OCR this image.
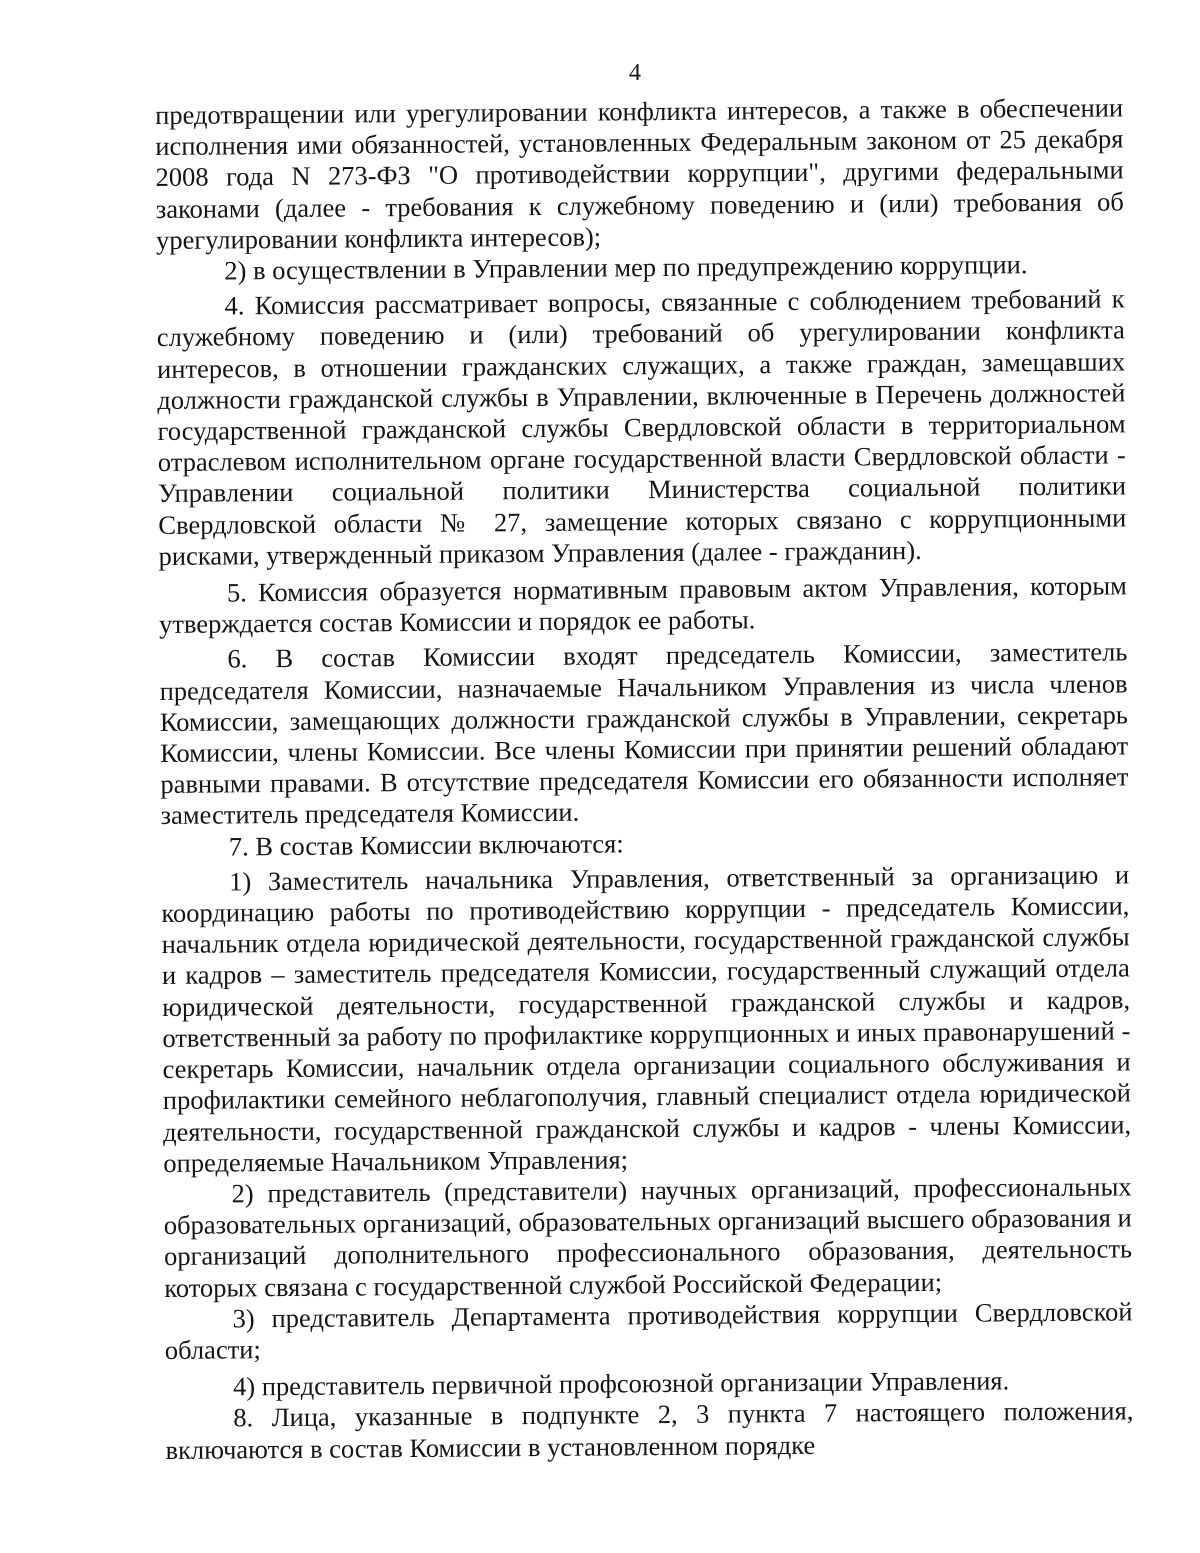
4

предотвращении или урегулировании конфликта интересов, а также в обеспечении исполнения ими обязанностей, установленных Федеральным законом от 25 декабря 2008 года N 273-ФЗ "О противодействии коррупции", другими федеральными законами (далее - требования к служебному поведению и (или) требования об урегулировании конфликта интересов);

2) в осуществлении в Управлении мер по предупреждению коррупции.

4. Комиссия рассматривает вопросы, связанные с соблюдением требований к служебному поведению и (или) требований об урегулировании конфликта интересов, в отношении гражданских служащих, а также граждан, замещавших должности гражданской службы в Управлении, включенные в Перечень должностей государственной гражданской службы Свердловской области в территориальном отраслевом исполнительном органе государственной власти Свердловской области - Управлении социальной политики Министерства социальной политики Свердловской области № 27, замещение которых связано с коррупционными рисками, утвержденный приказом Управления (далее - гражданин).

5. Комиссия образуется нормативным правовым актом Управления, которым утверждается состав Комиссии и порядок ее работы.

6. В состав Комиссии входят председатель Комиссии, заместитель председателя Комиссии, назначаемые Начальником Управления из числа членов Комиссии, замещающих должности гражданской службы в Управлении, секретарь Комиссии, члены Комиссии. Все члены Комиссии при принятии решений обладают равными правами. В отсутствие председателя Комиссии его обязанности исполняет заместитель председателя Комиссии.

7. В состав Комиссии включаются:

1) Заместитель начальника Управления, ответственный за организацию и координацию работы по противодействию коррупции - председатель Комиссии, начальник отдела юридической деятельности, государственной гражданской службы и кадров – заместитель председателя Комиссии, государственный служащий отдела юридической деятельности, государственной гражданской службы и кадров, ответственный за работу по профилактике коррупционных и иных правонарушений - секретарь Комиссии, начальник отдела организации социального обслуживания и профилактики семейного неблагополучия, главный специалист отдела юридической деятельности, государственной гражданской службы и кадров - члены Комиссии, определяемые Начальником Управления;

2) представитель (представители) научных организаций, профессиональных образовательных организаций, образовательных организаций высшего образования и организаций дополнительного профессионального образования, деятельность которых связана с государственной службой Российской Федерации;

3) представитель Департамента противодействия коррупции Свердловской области;

4) представитель первичной профсоюзной организации Управления.

8. Лица, указанные в подпункте 2, 3 пункта 7 настоящего положения, включаются в состав Комиссии в установленном порядке
